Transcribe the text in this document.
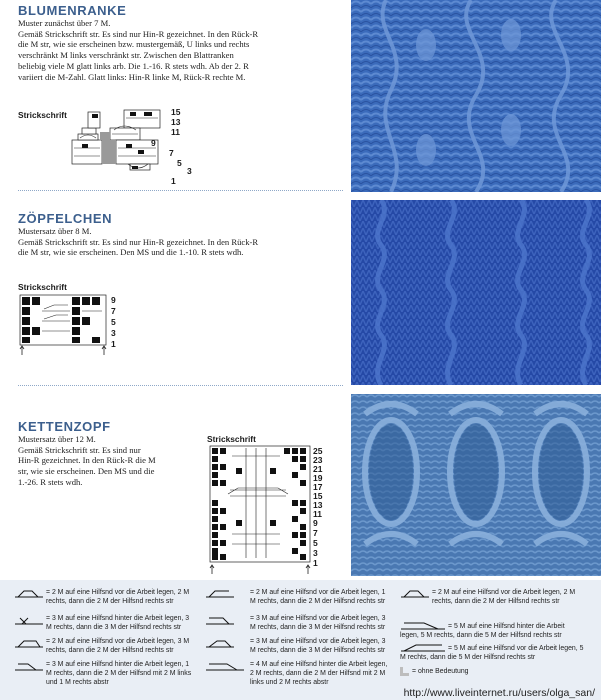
BLUMENRANKE
Muster zunächst über 7 M.
Gemäß Strickschrift str. Es sind nur Hin-R gezeichnet. In den Rück-R
die M str, wie sie erscheinen bzw. mustergemäß, U links und rechts
verschränkt M links verschränkt str. Zwischen den Blattranken
beliebig viele M glatt links arb. Die 1.-16. R stets wdh. Ab der 2. R
variiert die M-Zahl. Glatt links: Hin-R linke M, Rück-R rechte M.
Strickschrift	15
13
11
9
7
5
3
1
ZÖPFELCHEN
Mustersatz über 8 M.
Gemäß Strickschrift str. Es sind nur Hin-R gezeichnet. In den Rück-R
die M str, wie sie erscheinen. Den MS und die 1.-10. R stets wdh.
Strickschrift
9
7
5
3
1
KETTENZOPF
Mustersatz über 12 M.
Gemäß Strickschrift str. Es sind nur
Hin-R gezeichnet. In den Rück-R die M
str, wie sie erscheinen. Den MS und die
1.-26. R stets wdh.
Strickschrift
25
23
21
19
17
15
13
11
9
7
5
3
1
= 2 M auf eine Hilfsnd vor die Arbeit legen, 2 M rechts, dann die 2 M der Hilfsnd rechts str
= 3 M auf eine Hilfsnd hinter die Arbeit legen, 3 M rechts, dann die 3 M der Hilfsnd rechts str
= 2 M auf eine Hilfsnd vor die Arbeit legen, 3 M rechts, dann die 2 M der Hilfsnd rechts str
= 3 M auf eine Hilfsnd hinter die Arbeit legen, 1 M rechts, dann die 2 M der Hilfsnd mit 2 M links und 1 M rechts abstr
= 2 M auf eine Hilfsnd vor die Arbeit legen, 1 M rechts, dann die 2 M der Hilfsnd rechts str
= 3 M auf eine Hilfsnd vor die Arbeit legen, 3 M rechts, dann die 3 M der Hilfsnd rechts str
= 3 M auf eine Hilfsnd vor die Arbeit legen, 3 M rechts, dann die 3 M der Hilfsnd rechts str
= 4 M auf eine Hilfsnd hinter die Arbeit legen, 2 M rechts, dann die 2 M der Hilfsnd mit 2 M links und 2 M rechts abstr
= 2 M auf eine Hilfsnd vor die Arbeit legen, 2 M rechts, dann die 2 M der Hilfsnd rechts str
= 5 M auf eine Hilfsnd hinter die Arbeit legen, 5 M rechts, dann die 5 M der Hilfsnd rechts str
= 5 M auf eine Hilfsnd vor die Arbeit legen, 5 M rechts, dann die 5 M der Hilfsnd rechts str
= ohne Bedeutung
http://www.liveinternet.ru/users/olga_san/
